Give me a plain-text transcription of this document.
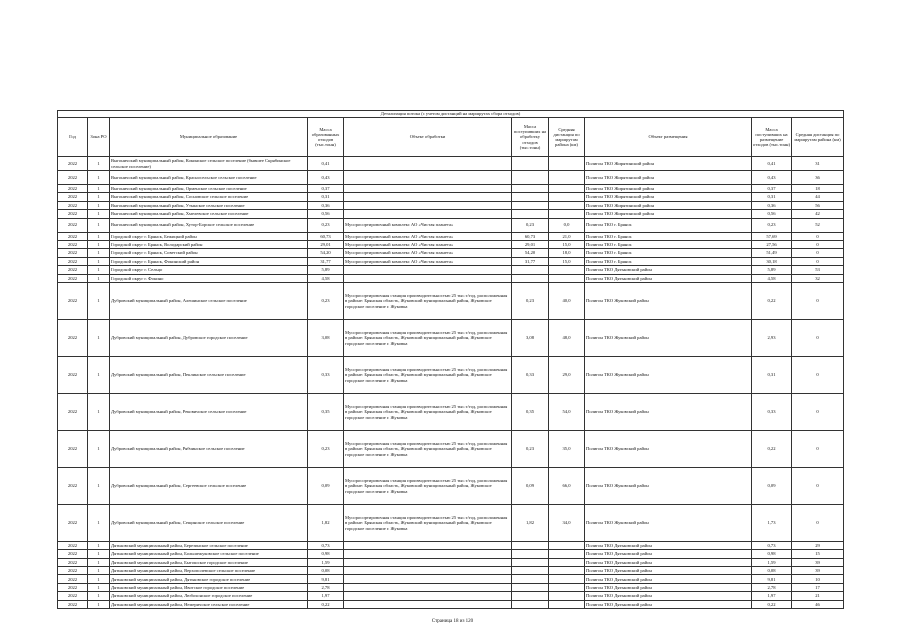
Детализация потока (с учетом дистанций на маршрутах сбора отходов)									
Год	Зона РО	Муниципальное образование	Масса образованных отходов (тыс.тонн)	Объект обработки	Масса поступивших на обработку отходов (тыс.тонн)	Средняя дистанция по маршрутам района (км)	Объект размещения	Масса поступивших на размещение отходов (тыс.тонн)	Средняя дистанция по маршрутам района (км)
2022	1	Выгоничский муниципальный район, Кокинское сельское поселение (бывшее Скрябинское сельское поселение)	0,41				Полигон ТКО Жирятинский район	0,41	31
2022	1	Выгоничский муниципальный район, Красносельское сельское поселение	0,43				Полигон ТКО Жирятинский район	0,43	36
2022	1	Выгоничский муниципальный район, Орменское сельское поселение	0,37				Полигон ТКО Жирятинский район	0,37	18
2022	1	Выгоничский муниципальный район, Сосновское сельское поселение	0,31				Полигон ТКО Жирятинский район	0,31	44
2022	1	Выгоничский муниципальный район, Утынское сельское поселение	0,36				Полигон ТКО Жирятинский район	0,36	56
2022	1	Выгоничский муниципальный район, Хмелевское сельское поселение	0,56				Полигон ТКО Жирятинский район	0,56	42
2022	1	Выгоничский муниципальный район, Хутор-Борское сельское поселение	0,23	Мусоросортировочный комплекс АО «Чистая планета»	0,23	0,0	Полигон ТКО г. Брянск	0,23	52
2022	1	Городской округ г. Брянск, Бежицкий район	60,73	Мусоросортировочный комплекс АО «Чистая планета»	60,73	21,0	Полигон ТКО г. Брянск	57,69	0
2022	1	Городской округ г. Брянск, Володарский район	29,01	Мусоросортировочный комплекс АО «Чистая планета»	29,01	15,0	Полигон ТКО г. Брянск	27,56	0
2022	1	Городской округ г. Брянск, Советский район	54,20	Мусоросортировочный комплекс АО «Чистая планета»	54,20	18,0	Полигон ТКО г. Брянск	51,49	0
2022	1	Городской округ г. Брянск, Фокинский район	31,77	Мусоросортировочный комплекс АО «Чистая планета»	31,77	15,0	Полигон ТКО г. Брянск	30,18	0
2022	1	Городской округ г. Сельцо	5,89				Полигон ТКО Дятьковский район	5,89	53
2022	1	Городской округ г. Фокино	4,58				Полигон ТКО Дятьковский район	4,58	32
2022	1	Дубровский муниципальный район, Алешинское сельское поселение	0,23	Мусоросортировочная станция производительностью 25 тыс.т/год, расположенная в районе: Брянская область, Жуковский муниципальный район, Жуковское городское поселение г. Жуковка	0,23	40,0	Полигон ТКО Жуковский район	0,22	0
2022	1	Дубровский муниципальный район, Дубровское городское поселение	3,08	Мусоросортировочная станция производительностью 25 тыс.т/год, расположенная в районе: Брянская область, Жуковский муниципальный район, Жуковское городское поселение г. Жуковка	3,08	48,0	Полигон ТКО Жуковский район	2,93	0
2022	1	Дубровский муниципальный район, Пеклинское сельское поселение	0,33	Мусоросортировочная станция производительностью 25 тыс.т/год, расположенная в районе: Брянская область, Жуковский муниципальный район, Жуковское городское поселение г. Жуковка	0,33	29,0	Полигон ТКО Жуковский район	0,31	0
2022	1	Дубровский муниципальный район, Рековичское сельское поселение	0,35	Мусоросортировочная станция производительностью 25 тыс.т/год, расположенная в районе: Брянская область, Жуковский муниципальный район, Жуковское городское поселение г. Жуковка	0,35	54,0	Полигон ТКО Жуковский район	0,33	0
2022	1	Дубровский муниципальный район, Рябчинское сельское поселение	0,23	Мусоросортировочная станция производительностью 25 тыс.т/год, расположенная в районе: Брянская область, Жуковский муниципальный район, Жуковское городское поселение г. Жуковка	0,23	35,0	Полигон ТКО Жуковский район	0,22	0
2022	1	Дубровский муниципальный район, Сергеевское сельское поселение	0,09	Мусоросортировочная станция производительностью 25 тыс.т/год, расположенная в районе: Брянская область, Жуковский муниципальный район, Жуковское городское поселение г. Жуковка	0,09	66,0	Полигон ТКО Жуковский район	0,09	0
2022	1	Дубровский муниципальный район, Сещинское сельское поселение	1,82	Мусоросортировочная станция производительностью 25 тыс.т/год, расположенная в районе: Брянская область, Жуковский муниципальный район, Жуковское городское поселение г. Жуковка	1,82	34,0	Полигон ТКО Жуковский район	1,73	0
2022	1	Дятьковский муниципальный район, Березинское сельское поселение	0,73				Полигон ТКО Дятьковский район	0,73	29
2022	1	Дятьковский муниципальный район, Большежуковское сельское поселение	0,98				Полигон ТКО Дятьковский район	0,98	15
2022	1	Дятьковский муниципальный район, Бытошское городское поселение	1,59				Полигон ТКО Дятьковский район	1,59	39
2022	1	Дятьковский муниципальный район, Верхополевское сельское поселение	0,08				Полигон ТКО Дятьковский район	0,08	39
2022	1	Дятьковский муниципальный район, Дятьковское городское поселение	9,81				Полигон ТКО Дятьковский район	9,81	10
2022	1	Дятьковский муниципальный район, Ивотское городское поселение	2,78				Полигон ТКО Дятьковский район	2,78	17
2022	1	Дятьковский муниципальный район, Любохонское городское поселение	1,97				Полигон ТКО Дятьковский район	1,97	21
2022	1	Дятьковский муниципальный район, Немеричское сельское поселение	0,22				Полигон ТКО Дятьковский район	0,22	46
Страница 18 из 120
